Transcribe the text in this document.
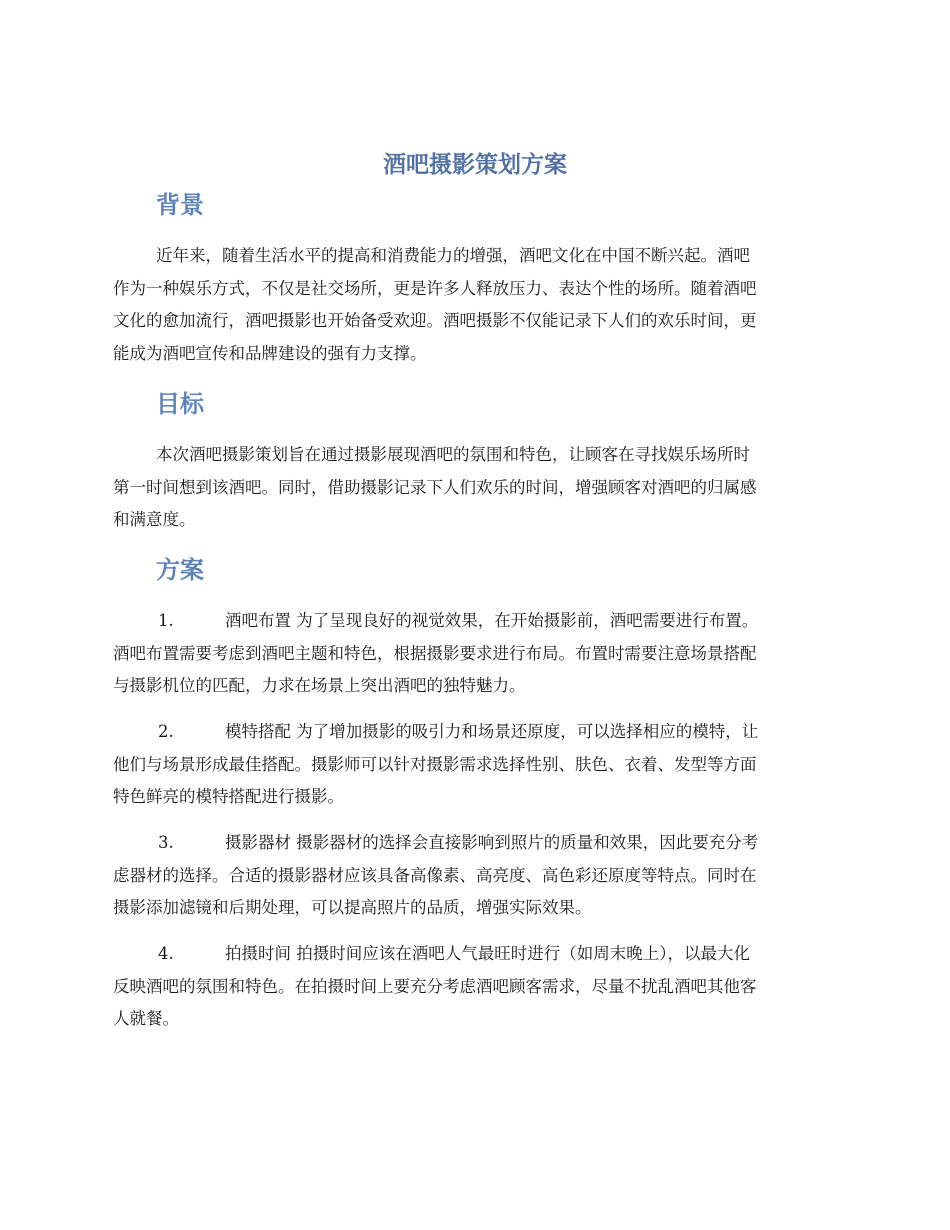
酒吧摄影策划方案
背景
近年来，随着生活水平的提高和消费能力的增强，酒吧文化在中国不断兴起。酒吧
作为一种娱乐方式，不仅是社交场所，更是许多人释放压力、表达个性的场所。随着酒吧
文化的愈加流行，酒吧摄影也开始备受欢迎。酒吧摄影不仅能记录下人们的欢乐时间，更
能成为酒吧宣传和品牌建设的强有力支撑。
目标
本次酒吧摄影策划旨在通过摄影展现酒吧的氛围和特色，让顾客在寻找娱乐场所时
第一时间想到该酒吧。同时，借助摄影记录下人们欢乐的时间，增强顾客对酒吧的归属感
和满意度。
方案
1.	酒吧布置 为了呈现良好的视觉效果，在开始摄影前，酒吧需要进行布置。
酒吧布置需要考虑到酒吧主题和特色，根据摄影要求进行布局。布置时需要注意场景搭配
与摄影机位的匹配，力求在场景上突出酒吧的独特魅力。
2.	模特搭配 为了增加摄影的吸引力和场景还原度，可以选择相应的模特，让
他们与场景形成最佳搭配。摄影师可以针对摄影需求选择性别、肤色、衣着、发型等方面
特色鲜亮的模特搭配进行摄影。
3.	摄影器材 摄影器材的选择会直接影响到照片的质量和效果，因此要充分考
虑器材的选择。合适的摄影器材应该具备高像素、高亮度、高色彩还原度等特点。同时在
摄影添加滤镜和后期处理，可以提高照片的品质，增强实际效果。
4.	拍摄时间 拍摄时间应该在酒吧人气最旺时进行（如周末晚上），以最大化
反映酒吧的氛围和特色。在拍摄时间上要充分考虑酒吧顾客需求，尽量不扰乱酒吧其他客
人就餐。
